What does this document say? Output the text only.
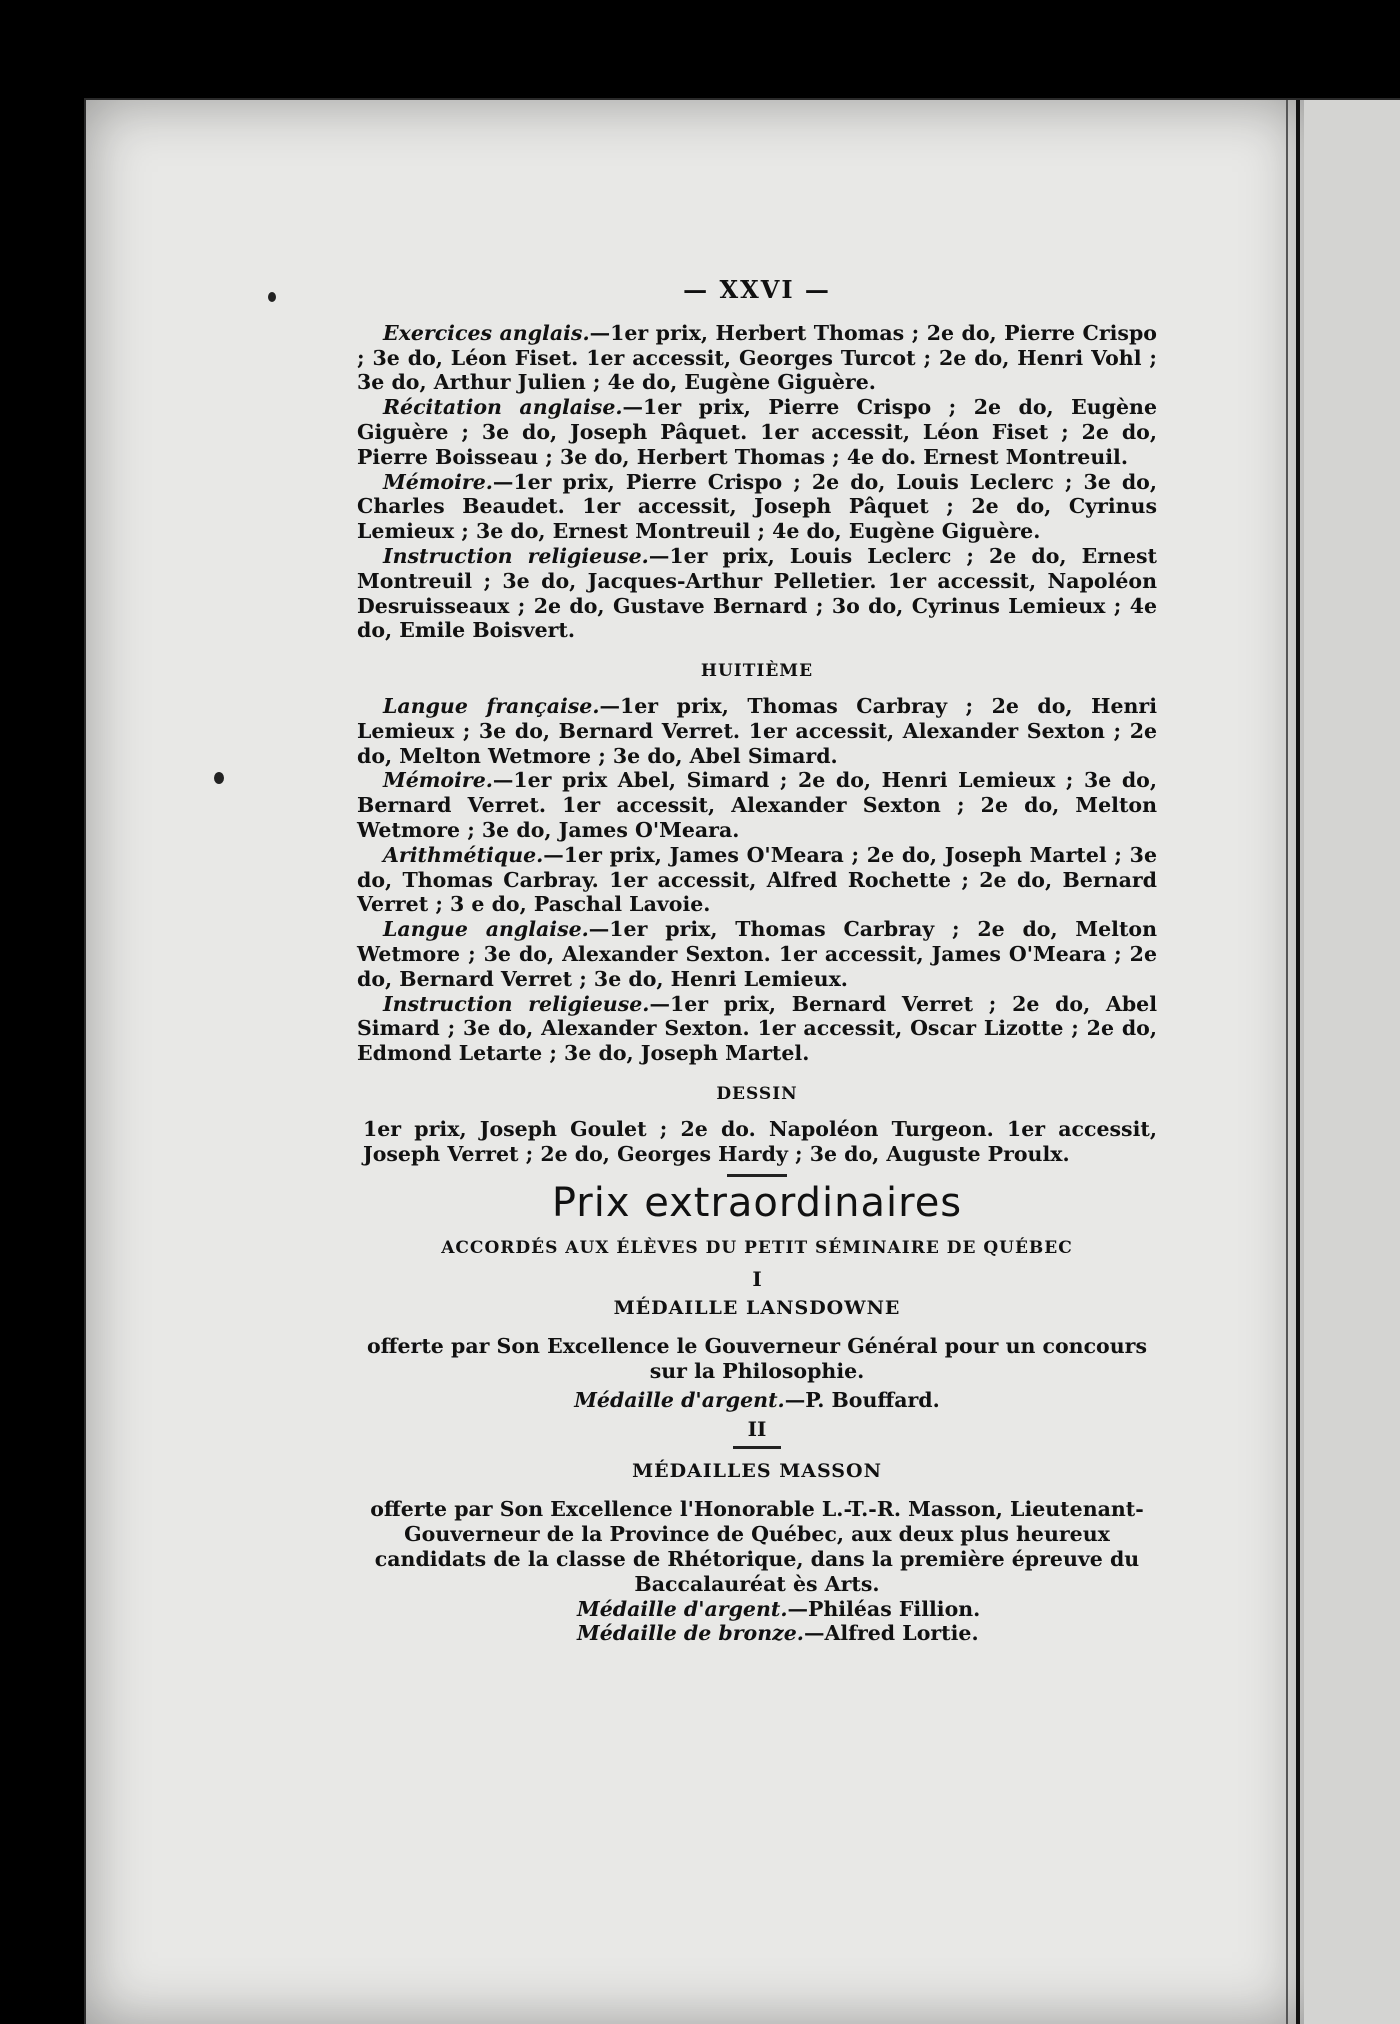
— XXVI —

Exercices anglais.—1er prix, Herbert Thomas ; 2e do, Pierre Crispo ; 3e do, Léon Fiset. 1er accessit, Georges Turcot ; 2e do, Henri Vohl ; 3e do, Arthur Julien ; 4e do, Eugène Giguère.

Récitation anglaise.—1er prix, Pierre Crispo ; 2e do, Eugène Giguère ; 3e do, Joseph Pâquet. 1er accessit, Léon Fiset ; 2e do, Pierre Boisseau ; 3e do, Herbert Thomas ; 4e do. Ernest Montreuil.

Mémoire.—1er prix, Pierre Crispo ; 2e do, Louis Leclerc ; 3e do, Charles Beaudet. 1er accessit, Joseph Pâquet ; 2e do, Cyrinus Lemieux ; 3e do, Ernest Montreuil ; 4e do, Eugène Giguère.

Instruction religieuse.—1er prix, Louis Leclerc ; 2e do, Ernest Montreuil ; 3e do, Jacques-Arthur Pelletier. 1er accessit, Napoléon Desruisseaux ; 2e do, Gustave Bernard ; 3o do, Cyrinus Lemieux ; 4e do, Emile Boisvert.

HUITIÈME

Langue française.—1er prix, Thomas Carbray ; 2e do, Henri Lemieux ; 3e do, Bernard Verret. 1er accessit, Alexander Sexton ; 2e do, Melton Wetmore ; 3e do, Abel Simard.

Mémoire.—1er prix Abel, Simard ; 2e do, Henri Lemieux ; 3e do, Bernard Verret. 1er accessit, Alexander Sexton ; 2e do, Melton Wetmore ; 3e do, James O'Meara.

Arithmétique.—1er prix, James O'Meara ; 2e do, Joseph Martel ; 3e do, Thomas Carbray. 1er accessit, Alfred Rochette ; 2e do, Bernard Verret ; 3 e do, Paschal Lavoie.

Langue anglaise.—1er prix, Thomas Carbray ; 2e do, Melton Wetmore ; 3e do, Alexander Sexton. 1er accessit, James O'Meara ; 2e do, Bernard Verret ; 3e do, Henri Lemieux.

Instruction religieuse.—1er prix, Bernard Verret ; 2e do, Abel Simard ; 3e do, Alexander Sexton. 1er accessit, Oscar Lizotte ; 2e do, Edmond Letarte ; 3e do, Joseph Martel.

DESSIN

1er prix, Joseph Goulet ; 2e do. Napoléon Turgeon. 1er accessit, Joseph Verret ; 2e do, Georges Hardy ; 3e do, Auguste Proulx.

Prix extraordinaires
ACCORDÉS AUX ÉLÈVES DU PETIT SÉMINAIRE DE QUÉBEC
I
MÉDAILLE LANSDOWNE

offerte par Son Excellence le Gouverneur Général pour un concours sur la Philosophie.

Médaille d'argent.—P. Bouffard.

II
MÉDAILLES MASSON

offerte par Son Excellence l'Honorable L.-T.-R. Masson, Lieutenant-Gouverneur de la Province de Québec, aux deux plus heureux candidats de la classe de Rhétorique, dans la première épreuve du Baccalauréat ès Arts.

Médaille d'argent.—Philéas Fillion.
Médaille de bronze.—Alfred Lortie.
